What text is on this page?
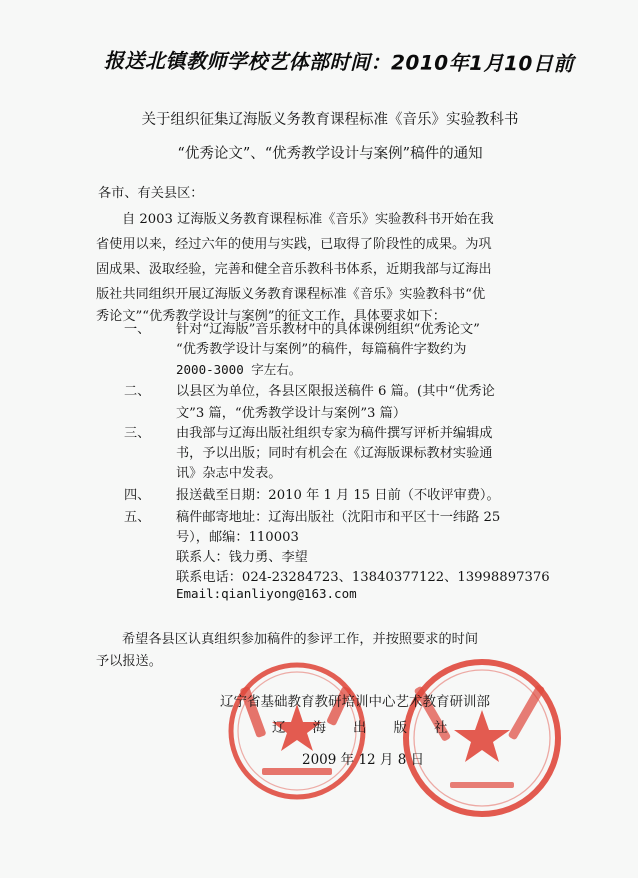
报送北镇教师学校艺体部时间：2010年1月10日前
关于组织征集辽海版义务教育课程标准《音乐》实验教科书
“优秀论文”、“优秀教学设计与案例”稿件的通知
各市、有关县区：
自 2003 辽海版义务教育课程标准《音乐》实验教科书开始在我
省使用以来，经过六年的使用与实践，已取得了阶段性的成果。为巩
固成果、汲取经验，完善和健全音乐教科书体系，近期我部与辽海出
版社共同组织开展辽海版义务教育课程标准《音乐》实验教科书“优
秀论文”“优秀教学设计与案例”的征文工作，具体要求如下：
一、 针对“辽海版”音乐教材中的具体课例组织“优秀论文”
“优秀教学设计与案例”的稿件，每篇稿件字数约为
2000-3000 字左右。
二、 以县区为单位，各县区限报送稿件 6 篇。(其中“优秀论
文”3 篇，“优秀教学设计与案例”3 篇）
三、 由我部与辽海出版社组织专家为稿件撰写评析并编辑成
书，予以出版；同时有机会在《辽海版课标教材实验通
讯》杂志中发表。
四、 报送截至日期：2010 年 1 月 15 日前（不收评审费）。
五、 稿件邮寄地址：辽海出版社（沈阳市和平区十一纬路 25
号），邮编：110003
联系人：钱力勇、李望
联系电话：024-23284723、13840377122、13998897376
Email:qianliyong@163.com
希望各县区认真组织参加稿件的参评工作，并按照要求的时间
予以报送。
辽宁省基础教育教研培训中心艺术教育研训部
辽　　海　　出　　版　　社
2009 年 12 月 8 日
